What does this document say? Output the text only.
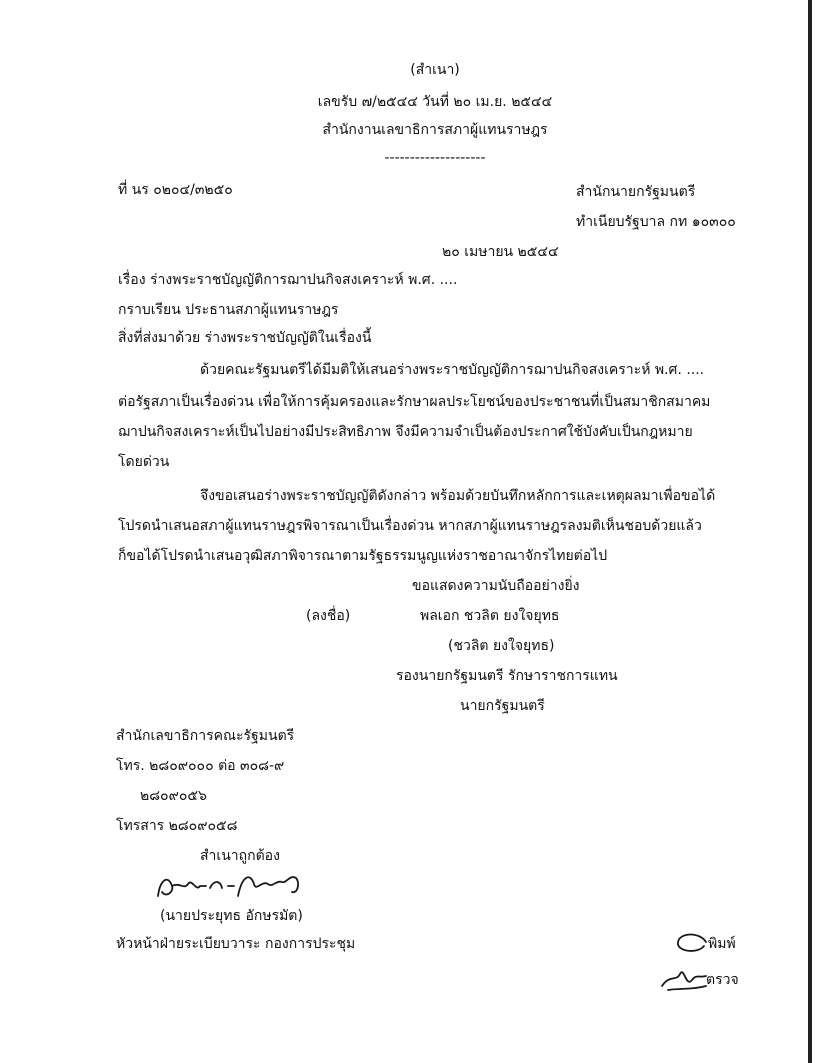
(สำเนา)
เลขรับ ๗/๒๕๔๔ วันที่ ๒๐ เม.ย. ๒๕๔๔
สำนักงานเลขาธิการสภาผู้แทนราษฎร
--------------------
ที่ นร ๐๒๐๔/๓๒๕๐	สำนักนายกรัฐมนตรี
ทำเนียบรัฐบาล กท ๑๐๓๐๐
๒๐ เมษายน ๒๕๔๔
เรื่อง ร่างพระราชบัญญัติการฌาปนกิจสงเคราะห์ พ.ศ. ....
กราบเรียน ประธานสภาผู้แทนราษฎร
สิ่งที่ส่งมาด้วย ร่างพระราชบัญญัติในเรื่องนี้
ด้วยคณะรัฐมนตรีได้มีมติให้เสนอร่างพระราชบัญญัติการฌาปนกิจสงเคราะห์ พ.ศ. ....
ต่อรัฐสภาเป็นเรื่องด่วน เพื่อให้การคุ้มครองและรักษาผลประโยชน์ของประชาชนที่เป็นสมาชิกสมาคม
ฌาปนกิจสงเคราะห์เป็นไปอย่างมีประสิทธิภาพ จึงมีความจำเป็นต้องประกาศใช้บังคับเป็นกฎหมาย
โดยด่วน
จึงขอเสนอร่างพระราชบัญญัติดังกล่าว พร้อมด้วยบันทึกหลักการและเหตุผลมาเพื่อขอได้
โปรดนำเสนอสภาผู้แทนราษฎรพิจารณาเป็นเรื่องด่วน หากสภาผู้แทนราษฎรลงมติเห็นชอบด้วยแล้ว
ก็ขอได้โปรดนำเสนอวุฒิสภาพิจารณาตามรัฐธรรมนูญแห่งราชอาณาจักรไทยต่อไป
ขอแสดงความนับถืออย่างยิ่ง
(ลงชื่อ)	พลเอก ชวลิต ยงใจยุทธ
(ชวลิต ยงใจยุทธ)
รองนายกรัฐมนตรี รักษาราชการแทน
นายกรัฐมนตรี
สำนักเลขาธิการคณะรัฐมนตรี
โทร. ๒๘๐๙๐๐๐ ต่อ ๓๐๘-๙
๒๘๐๙๐๕๖
โทรสาร ๒๘๐๙๐๕๘
สำเนาถูกต้อง
(นายประยุทธ อักษรมัต)
หัวหน้าฝ่ายระเบียบวาระ กองการประชุม	พิมพ์
ตรวจ
